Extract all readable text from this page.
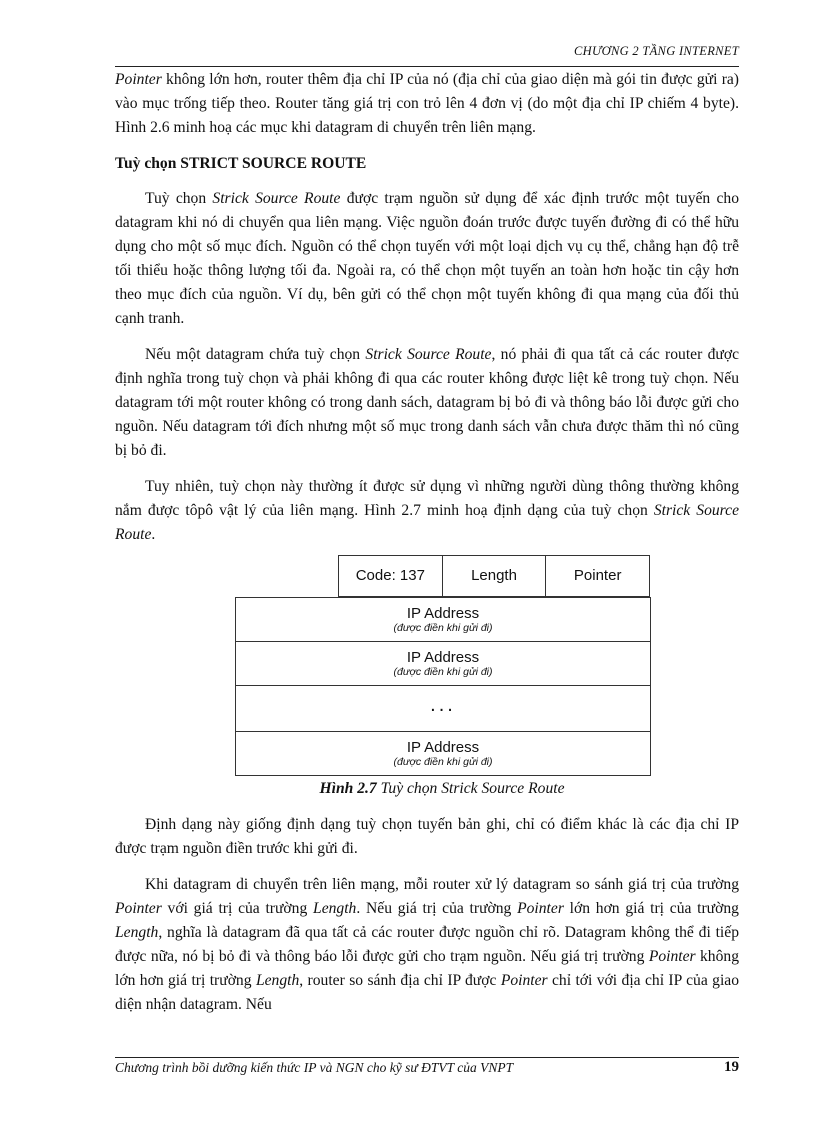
CHƯƠNG 2 TẦNG INTERNET

Pointer không lớn hơn, router thêm địa chỉ IP của nó (địa chỉ của giao diện mà gói tin được gửi ra) vào mục trống tiếp theo. Router tăng giá trị con trỏ lên 4 đơn vị (do một địa chỉ IP chiếm 4 byte). Hình 2.6 minh hoạ các mục khi datagram di chuyển trên liên mạng.

Tuỳ chọn STRICT SOURCE ROUTE

Tuỳ chọn Strick Source Route được trạm nguồn sử dụng để xác định trước một tuyến cho datagram khi nó di chuyển qua liên mạng. Việc nguồn đoán trước được tuyến đường đi có thể hữu dụng cho một số mục đích. Nguồn có thể chọn tuyến với một loại dịch vụ cụ thể, chẳng hạn độ trễ tối thiểu hoặc thông lượng tối đa. Ngoài ra, có thể chọn một tuyến an toàn hơn hoặc tin cậy hơn theo mục đích của nguồn. Ví dụ, bên gửi có thể chọn một tuyến không đi qua mạng của đối thủ cạnh tranh.

Nếu một datagram chứa tuỳ chọn Strick Source Route, nó phải đi qua tất cả các router được định nghĩa trong tuỳ chọn và phải không đi qua các router không được liệt kê trong tuỳ chọn. Nếu datagram tới một router không có trong danh sách, datagram bị bỏ đi và thông báo lỗi được gửi cho nguồn. Nếu datagram tới đích nhưng một số mục trong danh sách vẫn chưa được thăm thì nó cũng bị bỏ đi.

Tuy nhiên, tuỳ chọn này thường ít được sử dụng vì những người dùng thông thường không nắm được tôpô vật lý của liên mạng. Hình 2.7 minh hoạ định dạng của tuỳ chọn Strick Source Route.

Code: 137	Length	Pointer
IP Address
(được điền khi gửi đi)
IP Address
(được điền khi gửi đi)
...
IP Address
(được điền khi gửi đi)

Hình 2.7 Tuỳ chọn Strick Source Route

Định dạng này giống định dạng tuỳ chọn tuyến bản ghi, chỉ có điểm khác là các địa chỉ IP được trạm nguồn điền trước khi gửi đi.

Khi datagram di chuyển trên liên mạng, mỗi router xử lý datagram so sánh giá trị của trường Pointer với giá trị của trường Length. Nếu giá trị của trường Pointer lớn hơn giá trị của trường Length, nghĩa là datagram đã qua tất cả các router được nguồn chỉ rõ. Datagram không thể đi tiếp được nữa, nó bị bỏ đi và thông báo lỗi được gửi cho trạm nguồn. Nếu giá trị trường Pointer không lớn hơn giá trị trường Length, router so sánh địa chỉ IP được Pointer chỉ tới với địa chỉ IP của giao diện nhận datagram. Nếu

Chương trình bồi dưỡng kiến thức IP và NGN cho kỹ sư ĐTVT của VNPT	19
